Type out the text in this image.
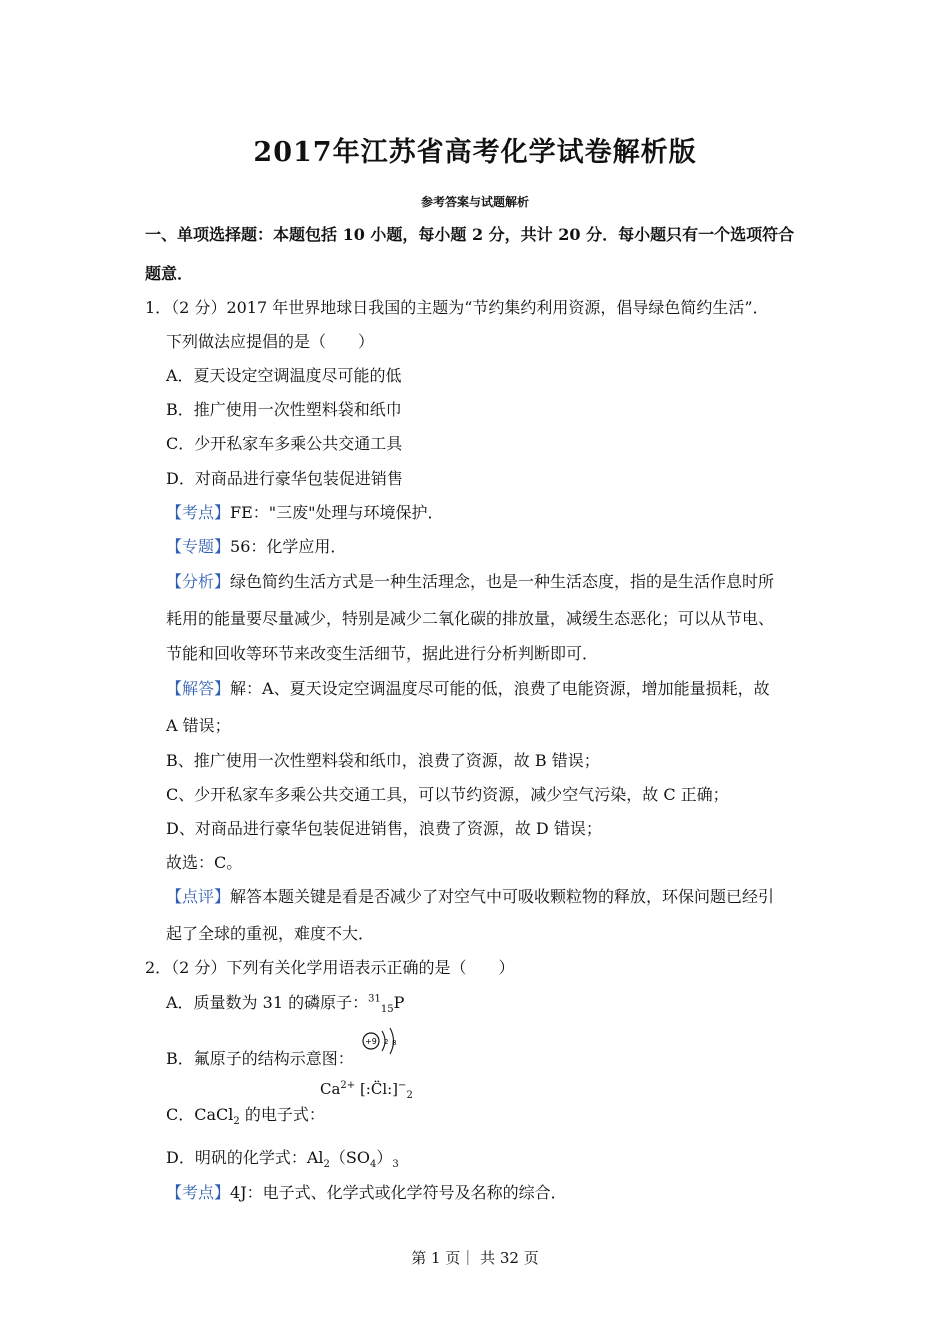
2017年江苏省高考化学试卷解析版
参考答案与试题解析
一、单项选择题：本题包括 10 小题，每小题 2 分，共计 20 分．每小题只有一个选项符合
题意．
1．（2 分）2017 年世界地球日我国的主题为“节约集约利用资源，倡导绿色简约生活”．
下列做法应提倡的是（　　）
A．夏天设定空调温度尽可能的低
B．推广使用一次性塑料袋和纸巾
C．少开私家车多乘公共交通工具
D．对商品进行豪华包装促进销售
【考点】FE："三废"处理与环境保护．
【专题】56：化学应用．
【分析】绿色简约生活方式是一种生活理念，也是一种生活态度，指的是生活作息时所
耗用的能量要尽量减少，特别是减少二氧化碳的排放量，减缓生态恶化；可以从节电、
节能和回收等环节来改变生活细节，据此进行分析判断即可．
【解答】解：A、夏天设定空调温度尽可能的低，浪费了电能资源，增加能量损耗，故
A 错误；
B、推广使用一次性塑料袋和纸巾，浪费了资源，故 B 错误；
C、少开私家车多乘公共交通工具，可以节约资源，减少空气污染，故 C 正确；
D、对商品进行豪华包装促进销售，浪费了资源，故 D 错误；
故选：C。
【点评】解答本题关键是看是否减少了对空气中可吸收颗粒物的释放，环保问题已经引
起了全球的重视，难度不大．
2．（2 分）下列有关化学用语表示正确的是（　　）
A．质量数为 31 的磷原子：$^{31}_{15}$P
B．氟原子的结构示意图：
+9 2 8
C．CaCl$_2$ 的电子式：
$Ca^{2+}$ $[:C̈l:]^-_2$
D．明矾的化学式：$Al_2(SO_4)_3$
【考点】4J：电子式、化学式或化学符号及名称的综合．
第 1 页｜ 共 32 页
